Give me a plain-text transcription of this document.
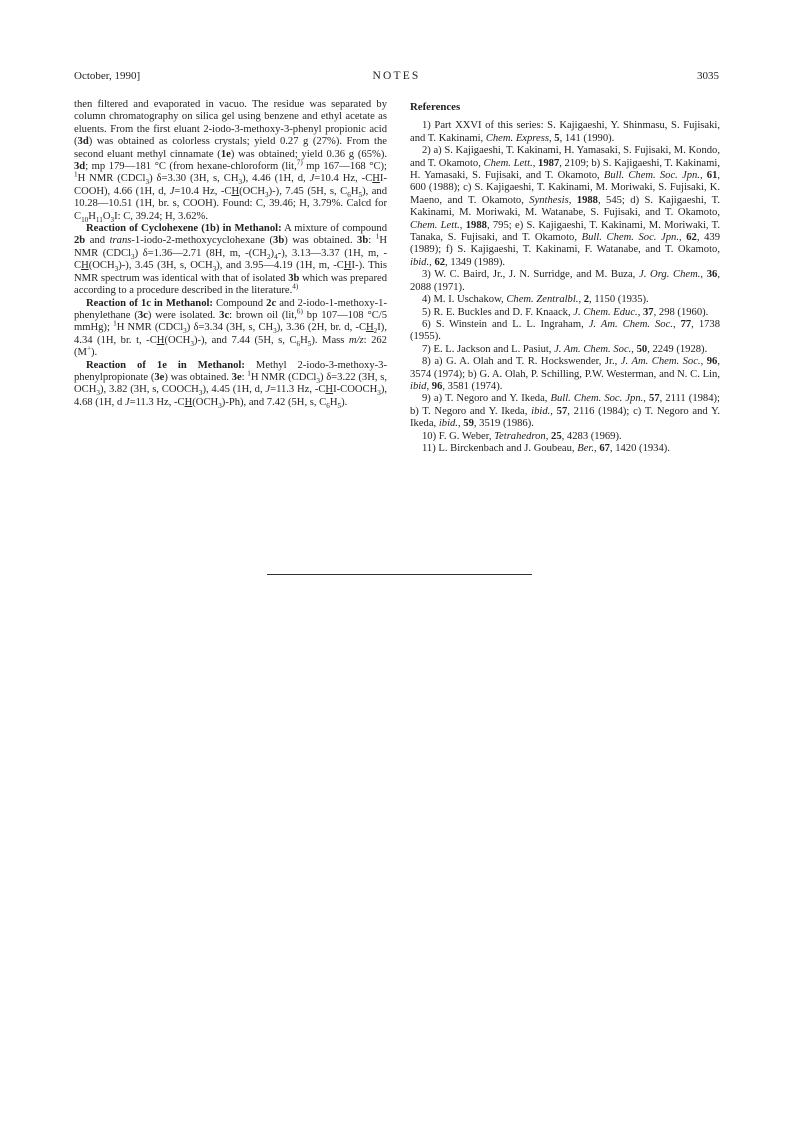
October, 1990]	NOTES	3035

then filtered and evaporated in vacuo. The residue was separated by column chromatography on silica gel using benzene and ethyl acetate as eluents. From the first eluant 2-iodo-3-methoxy-3-phenyl propionic acid (3d) was obtained as colorless crystals; yield 0.27 g (27%). From the second eluant methyl cinnamate (1e) was obtained; yield 0.36 g (65%). 3d; mp 179—181 °C (from hexane-chloroform (lit,$^{7)}$ mp 167—168 °C); $^1$H NMR (CDCl$_3$) δ=3.30 (3H, s, $CH_3$), 4.46 (1H, d, J=10.4 Hz, -CHI-COOH), 4.66 (1H, d, J=10.4 Hz, $-CH(OCH_3)-$), 7.45 (5H, s, $C_6H_5$), and 10.28—10.51 (1H, br. s, COOH). Found: C, 39.46; H, 3.79%. Calcd for $C_{10}H_{11}O_3I$: C, 39.24; H, 3.62%.

Reaction of Cyclohexene (1b) in Methanol: A mixture of compound 2b and trans-1-iodo-2-methoxycyclohexane (3b) was obtained. 3b: $^1$H NMR (CDCl$_3$) δ=1.36—2.71 (8H, m, $-(CH_2)_4-$), 3.13—3.37 (1H, m, $-CH(OCH_3)-$), 3.45 (3H, s, $OCH_3$), and 3.95—4.19 (1H, m, -CHI-). This NMR spectrum was identical with that of isolated 3b which was prepared according to a procedure described in the literature.$^{4)}$

Reaction of 1c in Methanol: Compound 2c and 2-iodo-1-methoxy-1-phenylethane (3c) were isolated. 3c: brown oil (lit,$^{6)}$ bp 107—108 °C/5 mmHg); $^1$H NMR (CDCl$_3$) δ=3.34 (3H, s, $CH_3$), 3.36 (2H, br. d, $-CH_2I$), 4.34 (1H, br. t, $-CH(OCH_3)-$), and 7.44 (5H, s, $C_6H_5$). Mass m/z: 262 (M+).

Reaction of 1e in Methanol: Methyl 2-iodo-3-methoxy-3-phenylpropionate (3e) was obtained. 3e: $^1$H NMR (CDCl$_3$) δ=3.22 (3H, s, $OCH_3$), 3.82 (3H, s, $COOCH_3$), 4.45 (1H, d, J=11.3 Hz, $-CHI-COOCH_3$), 4.68 (1H, d J=11.3 Hz, $-CH(OCH_3)-Ph$), and 7.42 (5H, s, $C_6H_5$).

References

1) Part XXVI of this series: S. Kajigaeshi, Y. Shinmasu, S. Fujisaki, and T. Kakinami, Chem. Express, 5, 141 (1990).

2) a) S. Kajigaeshi, T. Kakinami, H. Yamasaki, S. Fujisaki, M. Kondo, and T. Okamoto, Chem. Lett., 1987, 2109; b) S. Kajigaeshi, T. Kakinami, H. Yamasaki, S. Fujisaki, and T. Okamoto, Bull. Chem. Soc. Jpn., 61, 600 (1988); c) S. Kajigaeshi, T. Kakinami, M. Moriwaki, S. Fujisaki, K. Maeno, and T. Okamoto, Synthesis, 1988, 545; d) S. Kajigaeshi, T. Kakinami, M. Moriwaki, M. Watanabe, S. Fujisaki, and T. Okamoto, Chem. Lett., 1988, 795; e) S. Kajigaeshi, T. Kakinami, M. Moriwaki, T. Tanaka, S. Fujisaki, and T. Okamoto, Bull. Chem. Soc. Jpn., 62, 439 (1989); f) S. Kajigaeshi, T. Kakinami, F. Watanabe, and T. Okamoto, ibid., 62, 1349 (1989).

3) W. C. Baird, Jr., J. N. Surridge, and M. Buza, J. Org. Chem., 36, 2088 (1971).

4) M. I. Uschakow, Chem. Zentralbl., 2, 1150 (1935).

5) R. E. Buckles and D. F. Knaack, J. Chem. Educ., 37, 298 (1960).

6) S. Winstein and L. L. Ingraham, J. Am. Chem. Soc., 77, 1738 (1955).

7) E. L. Jackson and L. Pasiut, J. Am. Chem. Soc., 50, 2249 (1928).

8) a) G. A. Olah and T. R. Hockswender, Jr., J. Am. Chem. Soc., 96, 3574 (1974); b) G. A. Olah, P. Schilling, P.W. Westerman, and N. C. Lin, ibid, 96, 3581 (1974).

9) a) T. Negoro and Y. Ikeda, Bull. Chem. Soc. Jpn., 57, 2111 (1984); b) T. Negoro and Y. Ikeda, ibid., 57, 2116 (1984); c) T. Negoro and Y. Ikeda, ibid., 59, 3519 (1986).

10) F. G. Weber, Tetrahedron, 25, 4283 (1969).

11) L. Birckenbach and J. Goubeau, Ber., 67, 1420 (1934).
